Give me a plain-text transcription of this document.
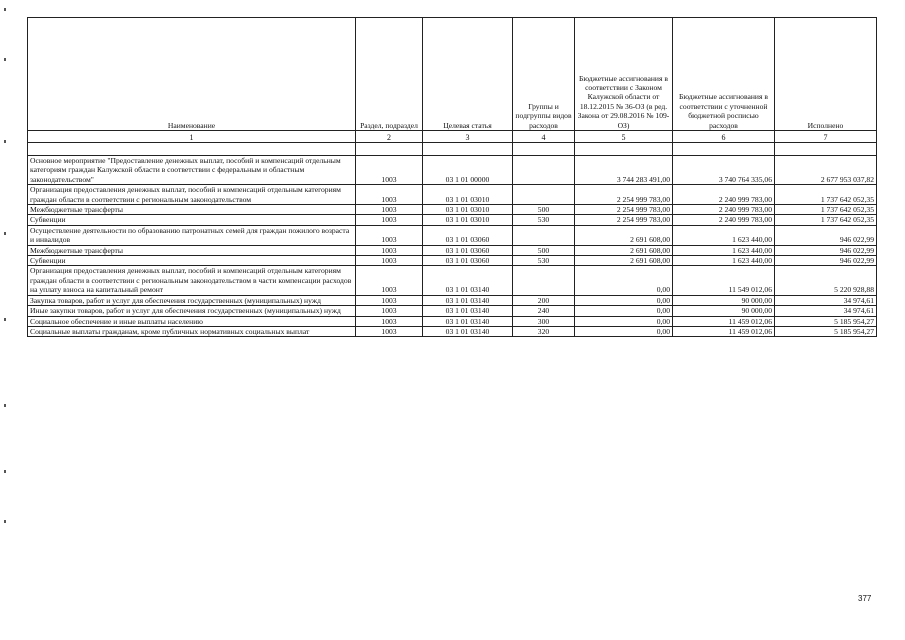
Наименование	Раздел, подраздел	Целевая статья	Группы и подгруппы видов расходов	Бюджетные ассигнования в соответствии с Законом Калужской области от 18.12.2015 № 36-ОЗ (в ред. Закона от 29.08.2016 № 109-ОЗ)	Бюджетные ассигнования в соответствии с уточненной бюджетной росписью расходов	Исполнено
1	2	3	4	5	6	7

Основное мероприятие "Предоставление денежных выплат, пособий и компенсаций отдельным категориям граждан Калужской области в соответствии с федеральным и областным законодательством"	1003	03 1 01 00000		3 744 283 491,00	3 740 764 335,06	2 677 953 037,82
Организация предоставления денежных выплат, пособий и компенсаций отдельным категориям граждан области в соответствии с региональным законодательством	1003	03 1 01 03010		2 254 999 783,00	2 240 999 783,00	1 737 642 052,35
Межбюджетные трансферты	1003	03 1 01 03010	500	2 254 999 783,00	2 240 999 783,00	1 737 642 052,35
Субвенции	1003	03 1 01 03010	530	2 254 999 783,00	2 240 999 783,00	1 737 642 052,35
Осуществление деятельности по образованию патронатных семей для граждан пожилого возраста и инвалидов	1003	03 1 01 03060		2 691 608,00	1 623 440,00	946 022,99
Межбюджетные трансферты	1003	03 1 01 03060	500	2 691 608,00	1 623 440,00	946 022,99
Субвенции	1003	03 1 01 03060	530	2 691 608,00	1 623 440,00	946 022,99
Организация предоставления денежных выплат, пособий и компенсаций отдельным категориям граждан области в соответствии с региональным законодательством в части компенсации расходов на уплату взноса на капитальный ремонт	1003	03 1 01 03140		0,00	11 549 012,06	5 220 928,88
Закупка товаров, работ и услуг для обеспечения государственных (муниципальных) нужд	1003	03 1 01 03140	200	0,00	90 000,00	34 974,61
Иные закупки товаров, работ и услуг для обеспечения государственных (муниципальных) нужд	1003	03 1 01 03140	240	0,00	90 000,00	34 974,61
Социальное обеспечение и иные выплаты населению	1003	03 1 01 03140	300	0,00	11 459 012,06	5 185 954,27
Социальные выплаты гражданам, кроме публичных нормативных социальных выплат	1003	03 1 01 03140	320	0,00	11 459 012,06	5 185 954,27
377
